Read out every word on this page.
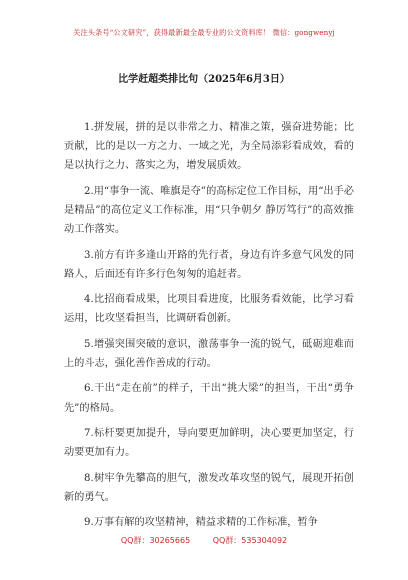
关注头条号“公文研究”，获得最新最全最专业的公文资料库！ 微信：gongwenyj
比学赶超类排比句（2025年6月3日）

1.拼发展，拼的是以非常之力、精准之策，强奋进势能；比贡献，比的是以一方之力、一域之光，为全局添彩看成效，看的是以执行之力、落实之为，增发展质效。

2.用“事争一流、唯旗是夺”的高标定位工作目标，用“出手必是精品”的高位定义工作标准，用“只争朝夕 静厉笃行”的高效推动工作落实。

3.前方有许多逢山开路的先行者，身边有许多意气风发的同路人，后面还有许多行色匆匆的追赶者。

4.比招商看成果，比项目看进度，比服务看效能，比学习看运用，比攻坚看担当，比调研看创新。

5.增强突围突破的意识，激荡事争一流的锐气，砥砺迎难而上的斗志，强化善作善成的行动。

6.干出“走在前”的样子，干出“挑大梁”的担当，干出“勇争先”的格局。

7.标杆要更加提升，导向要更加鲜明，决心要更加坚定，行动要更加有力。

8.树牢争先攀高的胆气，激发改革攻坚的锐气，展现开拓创新的勇气。

9.万事有解的攻坚精神，精益求精的工作标准，暂争

QQ群：30265665	QQ群：535304092
